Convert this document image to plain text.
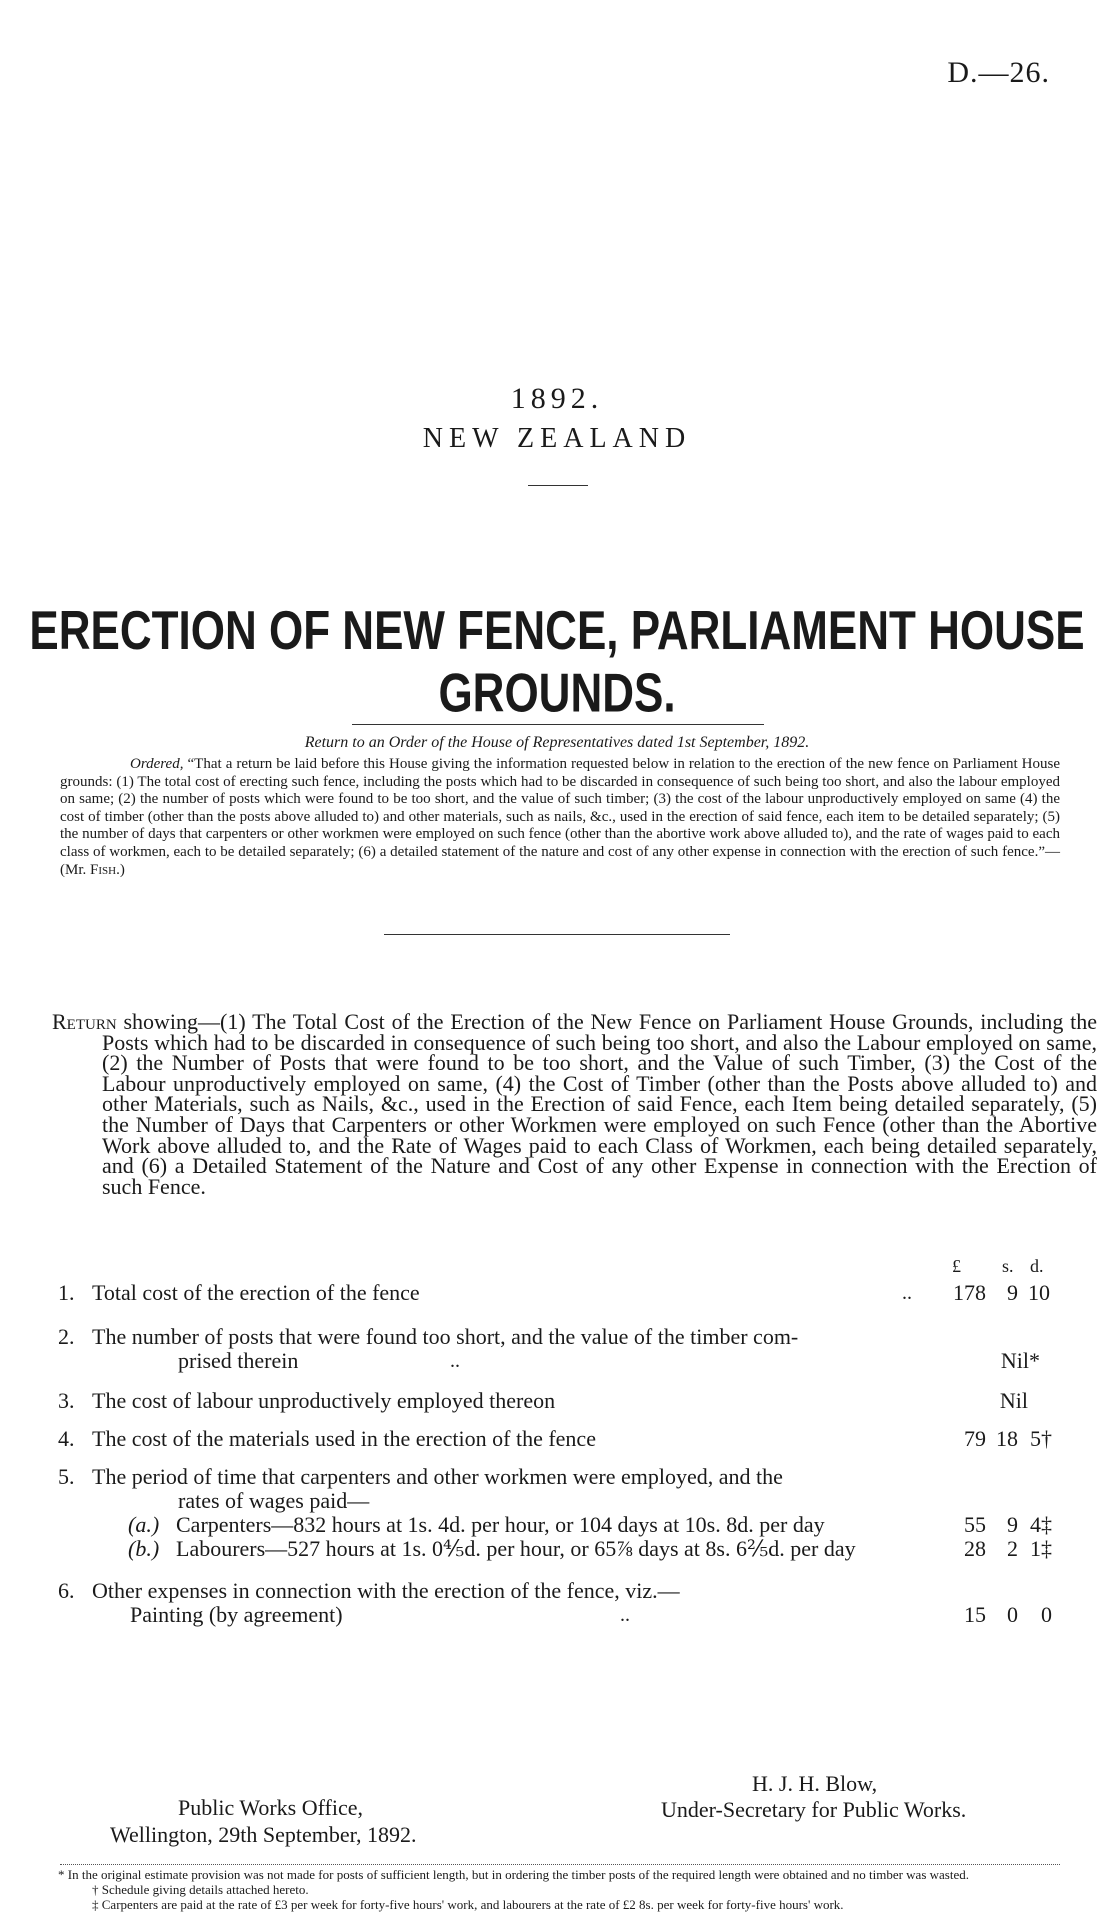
D.—26.
1892.
NEW ZEALAND
ERECTION OF NEW FENCE, PARLIAMENT HOUSE GROUNDS.
Return to an Order of the House of Representatives dated 1st September, 1892.
Ordered, “That a return be laid before this House giving the information requested below in relation to the erection of the new fence on Parliament House grounds: (1) The total cost of erecting such fence, including the posts which had to be discarded in consequence of such being too short, and also the labour employed on same; (2) the number of posts which were found to be too short, and the value of such timber; (3) the cost of the labour unproductively employed on same (4) the cost of timber (other than the posts above alluded to) and other materials, such as nails, &c., used in the erection of said fence, each item to be detailed separately; (5) the number of days that carpenters or other workmen were employed on such fence (other than the abortive work above alluded to), and the rate of wages paid to each class of workmen, each to be detailed separately; (6) a detailed statement of the nature and cost of any other expense in connection with the erection of such fence.”—(Mr. Fish.)
Return showing—(1) The Total Cost of the Erection of the New Fence on Parliament House Grounds, including the Posts which had to be discarded in consequence of such being too short, and also the Labour employed on same, (2) the Number of Posts that were found to be too short, and the Value of such Timber, (3) the Cost of the Labour unproductively employed on same, (4) the Cost of Timber (other than the Posts above alluded to) and other Materials, such as Nails, &c., used in the Erection of said Fence, each Item being detailed separately, (5) the Number of Days that Carpenters or other Workmen were employed on such Fence (other than the Abortive Work above alluded to, and the Rate of Wages paid to each Class of Workmen, each being detailed separately, and (6) a Detailed Statement of the Nature and Cost of any other Expense in connection with the Erection of such Fence.
£ s. d.
1. Total cost of the erection of the fence	..	178 9 10
2. The number of posts that were found too short, and the value of the timber com-
prised therein	..	Nil*
3. The cost of labour unproductively employed thereon	Nil
4. The cost of the materials used in the erection of the fence	79 18 5†
5. The period of time that carpenters and other workmen were employed, and the
rates of wages paid—
(a.) Carpenters—832 hours at 1s. 4d. per hour, or 104 days at 10s. 8d. per day	55 9 4‡
(b.) Labourers—527 hours at 1s. 0⅘d. per hour, or 65⅞ days at 8s. 6⅖d. per day	28 2 1‡
6. Other expenses in connection with the erection of the fence, viz.—
Painting (by agreement)	..	15 0	0
H. J. H. Blow,
Under-Secretary for Public Works.
Public Works Office,
Wellington, 29th September, 1892.
* In the original estimate provision was not made for posts of sufficient length, but in ordering the timber posts of the required length were obtained and no timber was wasted.
† Schedule giving details attached hereto.
‡ Carpenters are paid at the rate of £3 per week for forty-five hours' work, and labourers at the rate of £2 8s. per week for forty-five hours' work.
